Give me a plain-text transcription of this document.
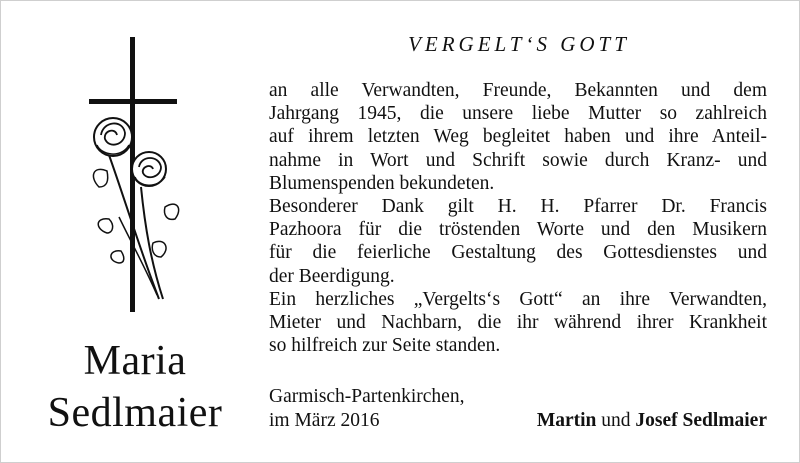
Maria
Sedlmaier
VERGELT‘S GOTT
an alle Verwandten, Freunde, Bekannten und dem
Jahrgang 1945, die unsere liebe Mutter so zahlreich
auf ihrem letzten Weg begleitet haben und ihre Anteil-
nahme in Wort und Schrift sowie durch Kranz- und
Blumenspenden bekundeten.
Besonderer Dank gilt H. H. Pfarrer Dr. Francis
Pazhoora für die tröstenden Worte und den Musikern
für die feierliche Gestaltung des Gottesdienstes und
der Beerdigung.
Ein herzliches „Vergelts‘s Gott“ an ihre Verwandten,
Mieter und Nachbarn, die ihr während ihrer Krankheit
so hilfreich zur Seite standen.
Garmisch-Partenkirchen,
im März 2016	Martin und Josef Sedlmaier
